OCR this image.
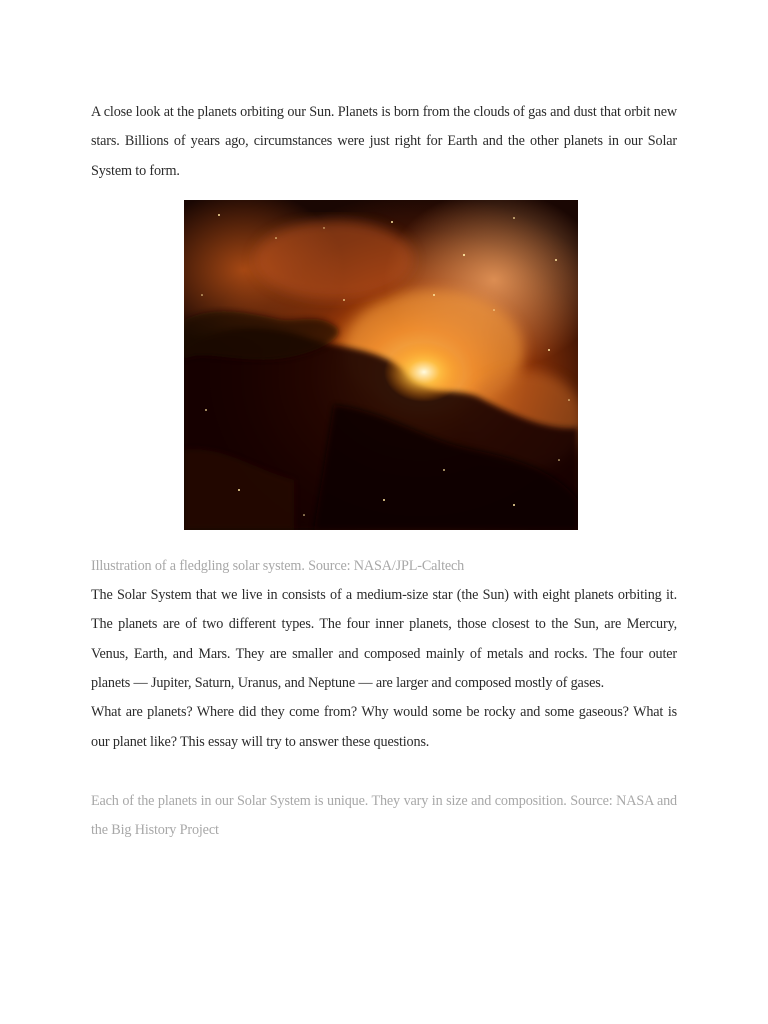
A close look at the planets orbiting our Sun. Planets is born from the clouds of gas and dust that orbit new stars. Billions of years ago, circumstances were just right for Earth and the other planets in our Solar System to form.

Illustration of a fledgling solar system. Source: NASA/JPL-Caltech

The Solar System that we live in consists of a medium-size star (the Sun) with eight planets orbiting it. The planets are of two different types. The four inner planets, those closest to the Sun, are Mercury, Venus, Earth, and Mars. They are smaller and composed mainly of metals and rocks. The four outer planets — Jupiter, Saturn, Uranus, and Neptune — are larger and composed mostly of gases.

What are planets? Where did they come from? Why would some be rocky and some gaseous? What is our planet like? This essay will try to answer these questions.

Each of the planets in our Solar System is unique. They vary in size and composition. Source: NASA and the Big History Project
